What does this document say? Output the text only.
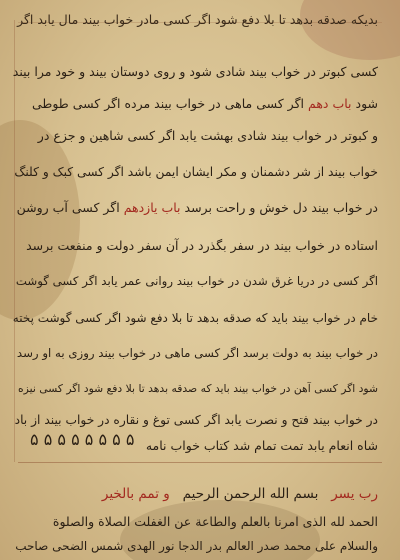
بدیکه صدقه بدهد تا بلا دفع شود اگر کسی مادر خواب بیند مال یابد اگر
کسی کبوتر در خواب بیند شادی شود و روی دوستان بیند و خود مرا بیند
شود باب دهم اگر کسی ماهی در خواب بیند مرده اگر کسی طوطی
و کبوتر در خواب بیند شادی بهشت یابد اگر کسی شاهین و جزع در
خواب بیند از شر دشمنان و مکر ایشان ایمن باشد اگر کسی کبک و کلنگ
در خواب بیند دل خوش و راحت برسد باب یازدهم اگر کسی آب روشن
استاده در خواب بیند در سفر بگذرد در آن سفر دولت و منفعت برسد
اگر کسی در دریا غرق شدن در خواب بیند روانی عمر یابد اگر کسی گوشت
خام در خواب بیند باید که صدقه بدهد تا بلا دفع شود اگر کسی گوشت پخته
در خواب بیند به دولت برسد اگر کسی ماهی در خواب بیند روزی به او رسد
شود اگر کسی آهن در خواب بیند باید که صدقه بدهد تا بلا دفع شود اگر کسی نیزه
در خواب بیند فتح و نصرت یابد اگر کسی توغ و نقاره در خواب بیند از باد
شاه انعام یابد تمت تمام شد کتاب خواب نامه
۵ ۵ ۵ ۵ ۵ ۵ ۵ ۵
رب یسر   بسم الله الرحمن الرحیم   و تمم بالخیر
الحمد لله الذی امرنا بالعلم والطاعة عن الغفلت الصلاة والصلوة
والسلام علی محمد صدر العالم بدر الدجا نور الهدی شمس الضحی صاحب
